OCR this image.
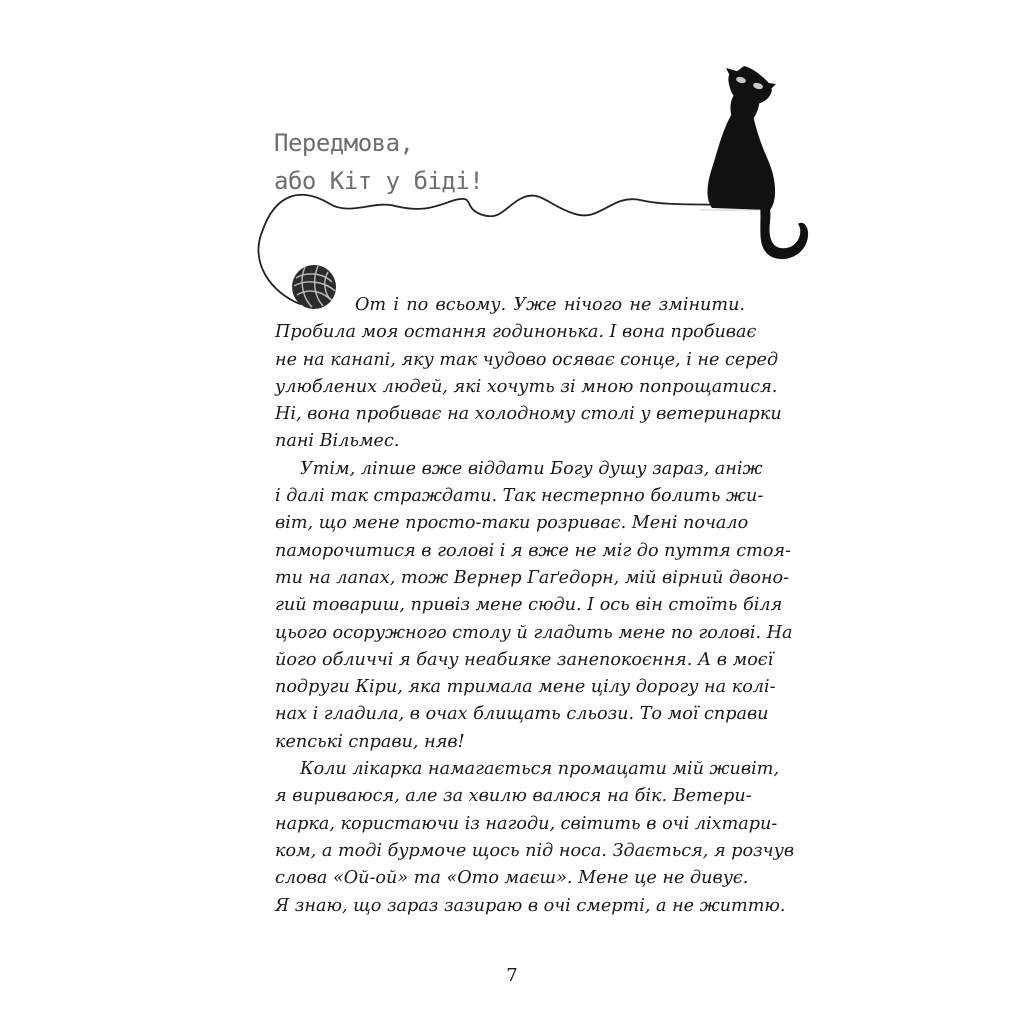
Передмова,
або Кіт у біді!
От і по всьому. Уже нічого не змінити.
Пробила моя остання годинонька. І вона пробиває
не на канапі, яку так чудово осяває сонце, і не серед
улюблених людей, які хочуть зі мною попрощатися.
Ні, вона пробиває на холодному столі у ветеринарки
пані Вільмес.
Утім, ліпше вже віддати Богу душу зараз, аніж
і далі так страждати. Так нестерпно болить жи-
віт, що мене просто-таки розриває. Мені почало
паморочитися в голові і я вже не міг до пуття стоя-
ти на лапах, тож Вернер Гаґедорн, мій вірний двоно-
гий товариш, привіз мене сюди. І ось він стоїть біля
цього осоружного столу й гладить мене по голові. На
його обличчі я бачу неабияке занепокоєння. А в моєї
подруги Кіри, яка тримала мене цілу дорогу на колі-
нах і гладила, в очах блищать сльози. То мої справи
кепські справи, няв!
Коли лікарка намагається промацати мій живіт,
я вириваюся, але за хвилю валюся на бік. Ветери-
нарка, користаючи із нагоди, світить в очі ліхтари-
ком, а тоді бурмоче щось під носа. Здається, я розчув
слова «Ой-ой» та «Ото маєш». Мене це не дивує.
Я знаю, що зараз зазираю в очі смерті, а не життю.
7
